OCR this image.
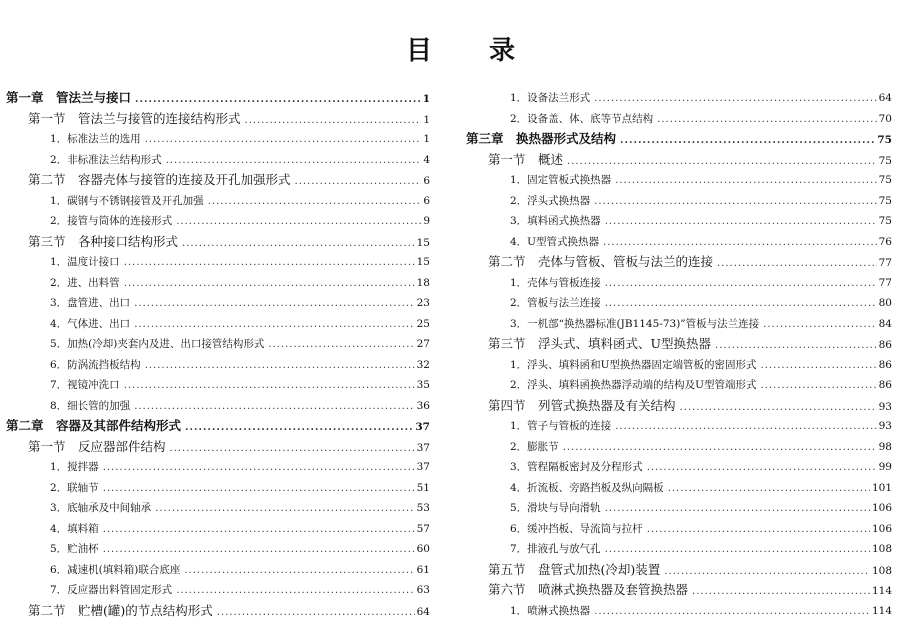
目 录
第一章　管法兰与接口 .....	1
第一节　管法兰与接管的连接结构形式 .....	1
1．标准法兰的选用 .....	1
2．非标准法兰结构形式 .....	4
第二节　容器壳体与接管的连接及开孔加强形式 .....	6
1．碳钢与不锈钢接管及开孔加强 .....	6
2．接管与筒体的连接形式 .....	9
第三节　各种接口结构形式 .....	15
1．温度计接口 .....	15
2．进、出料管 .....	18
3．盘管进、出口 .....	23
4．气体进、出口 .....	25
5．加热(冷却)夹套内及进、出口接管结构形式 .....	27
6．防涡流挡板结构 .....	32
7．视镜冲洗口 .....	35
8．细长管的加强 .....	36
第二章　容器及其部件结构形式 .....	37
第一节　反应器部件结构 .....	37
1．搅拌器 .....	37
2．联轴节 .....	51
3．底轴承及中间轴承 .....	53
4．填料箱 .....	57
5．贮油杯 .....	60
6．减速机(填料箱)联合底座 .....	61
7．反应器出料管固定形式 .....	63
第二节　贮槽(罐)的节点结构形式 .....	64
1．设备法兰形式 .....	64
2．设备盖、体、底等节点结构 .....	70
第三章　换热器形式及结构 .....	75
第一节　概述 .....	75
1．固定管板式换热器 .....	75
2．浮头式换热器 .....	75
3．填料函式换热器 .....	75
4．U型管式换热器 .....	76
第二节　壳体与管板、管板与法兰的连接 .....	77
1．壳体与管板连接 .....	77
2．管板与法兰连接 .....	80
3．一机部“换热器标准(JB1145-73)”管板与法兰连接 .....	84
第三节　浮头式、填料函式、U型换热器 .....	86
1．浮头、填料函和U型换热器固定端管板的密固形式 .....	86
2．浮头、填料函换热器浮动端的结构及U型管端形式 .....	86
第四节　列管式换热器及有关结构 .....	93
1．管子与管板的连接 .....	93
2．膨胀节 .....	98
3．管程隔板密封及分程形式 .....	99
4．折流板、旁路挡板及纵向隔板 .....	101
5．滑块与导向滑轨 .....	106
6．缓冲挡板、导流筒与拉杆 .....	106
7．排液孔与放气孔 .....	108
第五节　盘管式加热(冷却)装置 .....	108
第六节　喷淋式换热器及套管换热器 .....	114
1．喷淋式换热器 .....	114
